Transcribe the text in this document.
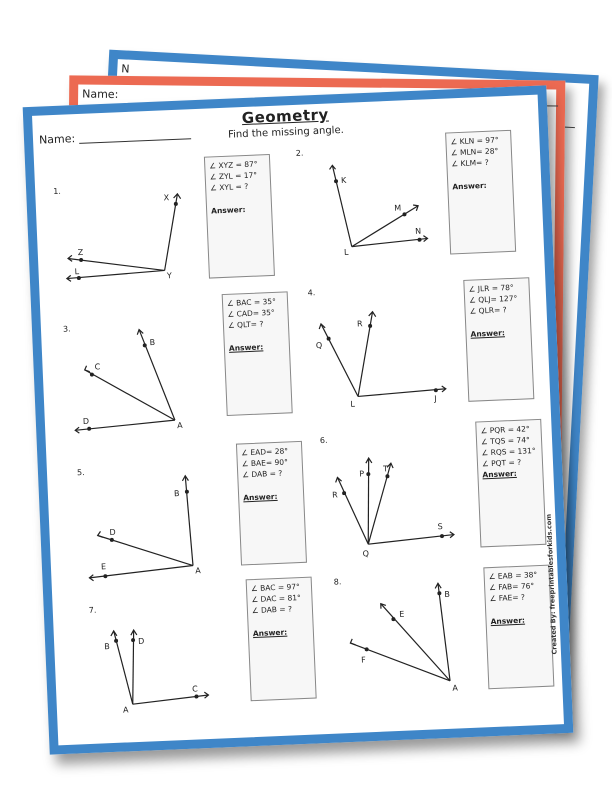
N
Name:
Geometry
Find the missing angle.
Name:
1.
X
Z
L	Y
∠ XYZ = 87°
∠ ZYL = 17°
∠ XYL = ?
Answer:
2.
K
M
N
L
∠ KLN = 97°
∠ MLN= 28°
∠ KLM= ?
Answer:
3.
B
C
D	A
∠ BAC = 35°
∠ CAD= 35°
∠ QLT= ?
Answer:
4.
Q
R
J
L
∠ JLR = 78°
∠ QLJ= 127°
∠ QLR= ?
Answer:
5.
B
D
E	A
∠ EAD= 28°
∠ BAE= 90°
∠ DAB = ?
Answer:
6.
R
P
T
S
Q
∠ PQR = 42°
∠ TQS = 74°
∠ RQS = 131°
∠ PQT = ?
Answer:
7.
B
D
C
A
∠ BAC = 97°
∠ DAC = 81°
∠ DAB = ?
Answer:
8.
B
E
F
A
∠ EAB = 38°
∠ FAB= 76°
∠ FAE= ?
Answer:	Created By: freeprintablesforkids.com
